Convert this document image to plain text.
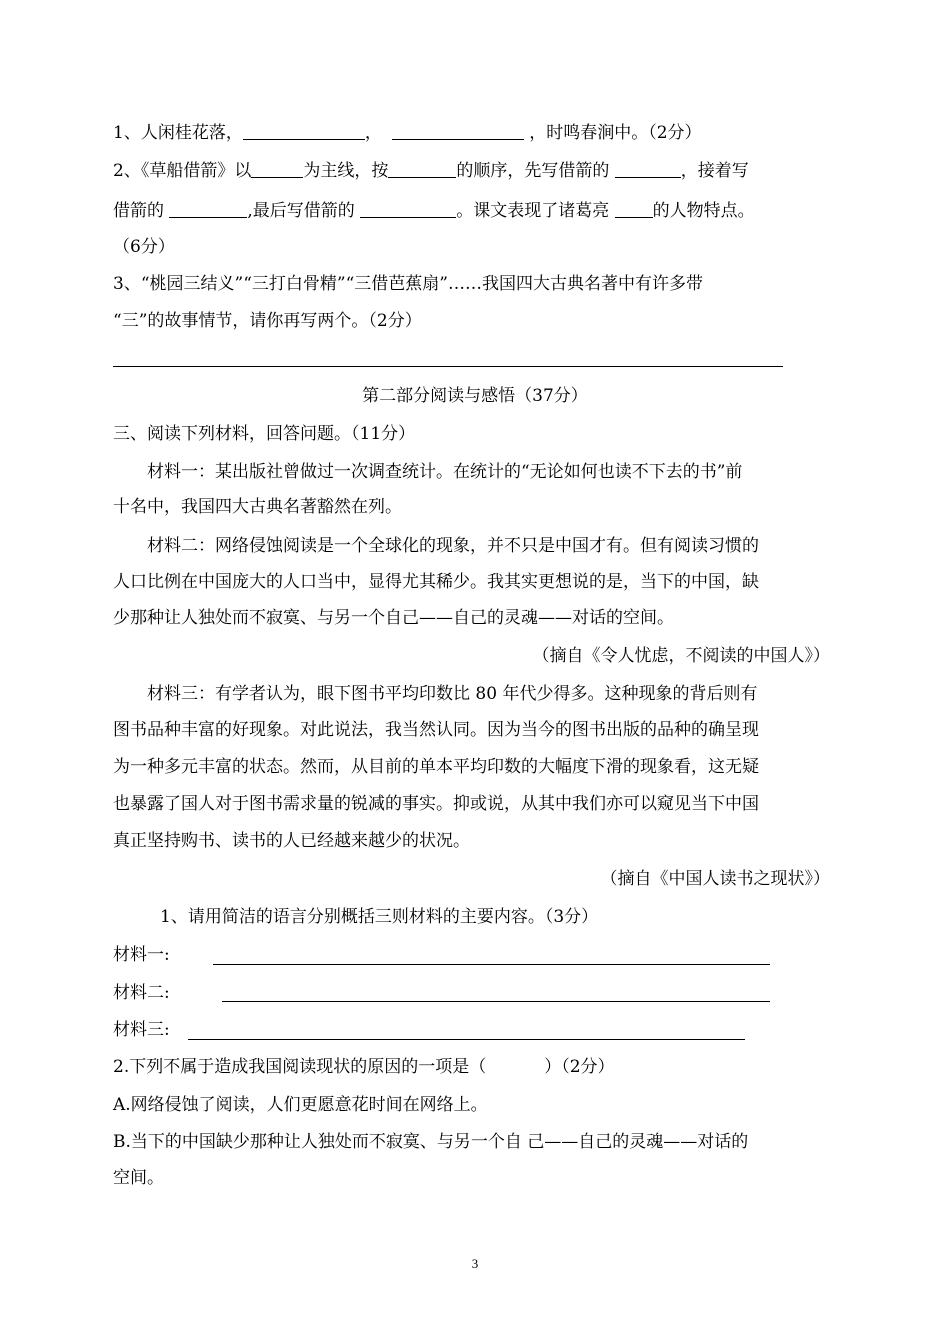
1、人闲桂花落，	，	，时鸣春涧中。（2分）
2、《草船借箭》以	为主线，按	的顺序，先写借箭的	，接着写
借箭的	,最后写借箭的	。课文表现了诸葛亮 的人物特点。
（6分）
3、“桃园三结义”“三打白骨精”“三借芭蕉扇”……我国四大古典名著中有许多带
“三”的故事情节，请你再写两个。（2分）
第二部分阅读与感悟（37分）
三、阅读下列材料，回答问题。（11分）
材料一：某出版社曾做过一次调查统计。在统计的“无论如何也读不下去的书”前
十名中，我国四大古典名著豁然在列。
材料二：网络侵蚀阅读是一个全球化的现象，并不只是中国才有。但有阅读习惯的
人口比例在中国庞大的人口当中，显得尤其稀少。我其实更想说的是，当下的中国，缺
少那种让人独处而不寂寞、与另一个自己——自己的灵魂——对话的空间。
（摘自《令人忧虑，不阅读的中国人》）
材料三：有学者认为，眼下图书平均印数比 80 年代少得多。这种现象的背后则有
图书品种丰富的好现象。对此说法，我当然认同。因为当今的图书出版的品种的确呈现
为一种多元丰富的状态。然而，从目前的单本平均印数的大幅度下滑的现象看，这无疑
也暴露了国人对于图书需求量的锐减的事实。抑或说，从其中我们亦可以窥见当下中国
真正坚持购书、读书的人已经越来越少的状况。
（摘自《中国人读书之现状》）
1、请用简洁的语言分别概括三则材料的主要内容。（3分）
材料一:
材料二:
材料三:
2.下列不属于造成我国阅读现状的原因的一项是（	）（2分）
A.网络侵蚀了阅读，人们更愿意花时间在网络上。
B.当下的中国缺少那种让人独处而不寂寞、与另一个自 己——自己的灵魂——对话的
空间。
3
